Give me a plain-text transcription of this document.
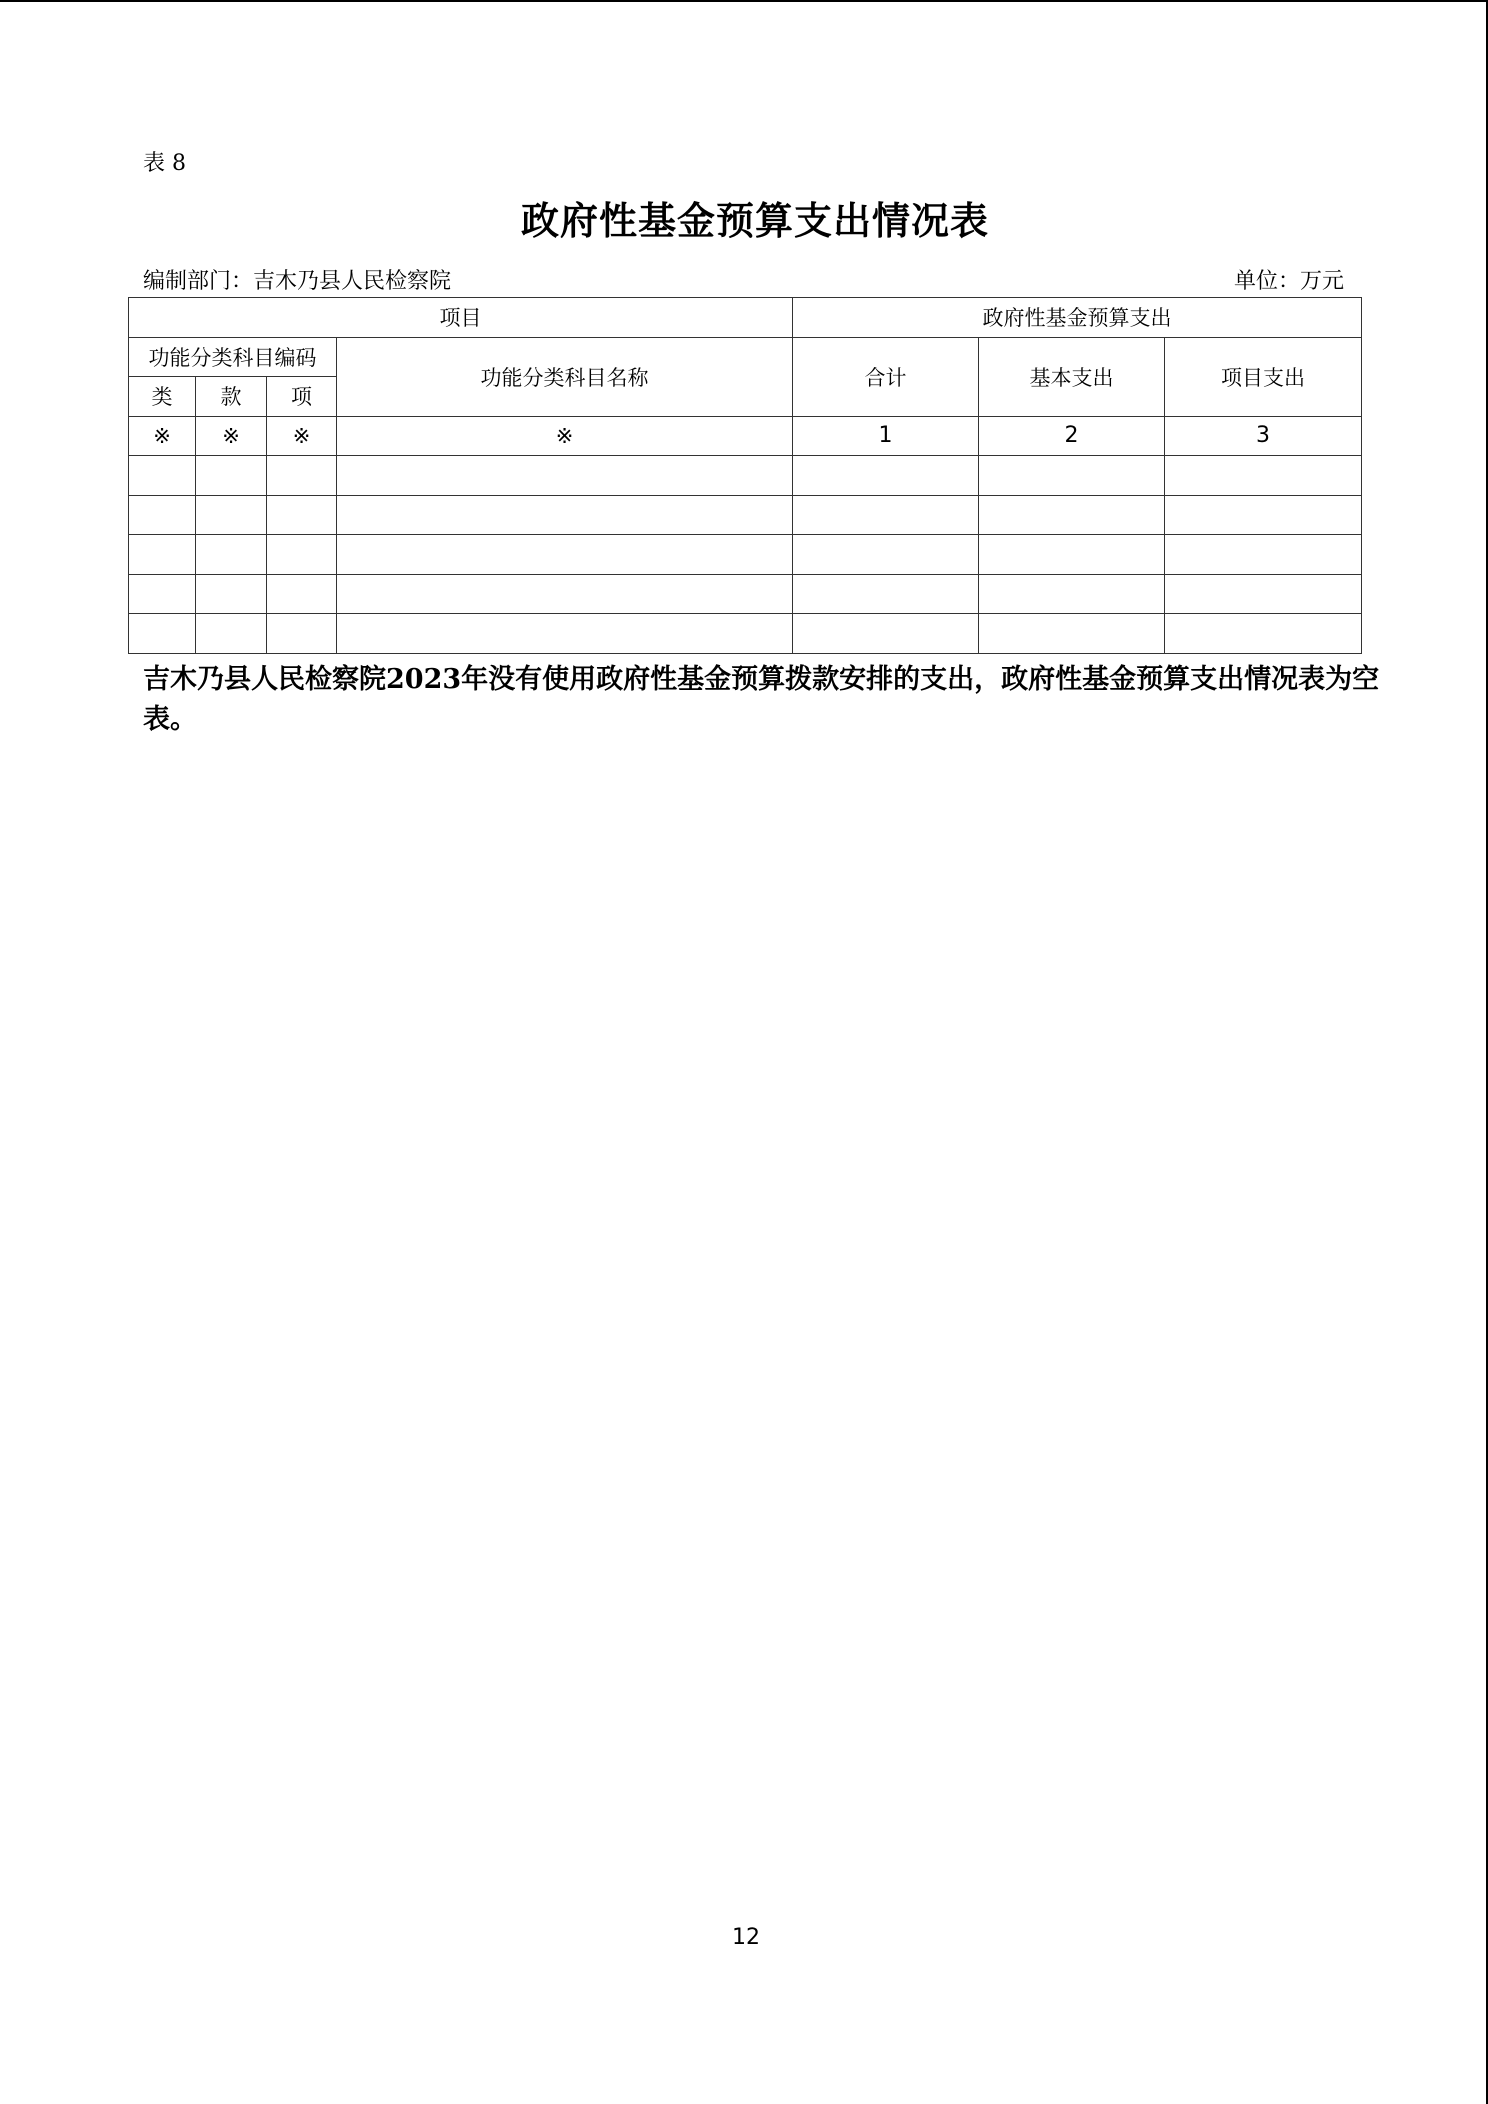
表 8
政府性基金预算支出情况表
编制部门：吉木乃县人民检察院	单位：万元
项目				政府性基金预算支出		
功能分类科目编码			功能分类科目名称	合计	基本支出	项目支出
类	款	项				
※	※	※	※	1	2	3

吉木乃县人民检察院2023年没有使用政府性基金预算拨款安排的支出，政府性基金预算支出情况表为空表。
12
